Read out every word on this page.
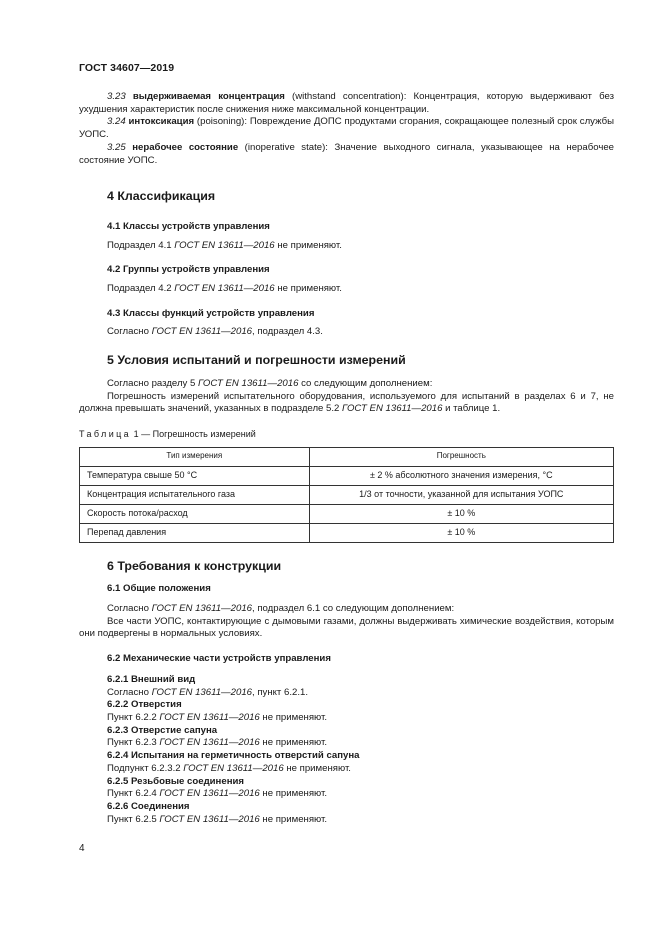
ГОСТ 34607—2019

3.23 выдерживаемая концентрация (withstand concentration): Концентрация, которую выдерживают без ухудшения характеристик после снижения ниже максимальной концентрации.

3.24 интоксикация (poisoning): Повреждение ДОПС продуктами сгорания, сокращающее полезный срок службы УОПС.

3.25 нерабочее состояние (inoperative state): Значение выходного сигнала, указывающее на нерабочее состояние УОПС.

4 Классификация
4.1 Классы устройств управления

Подраздел 4.1 ГОСТ EN 13611—2016 не применяют.

4.2 Группы устройств управления

Подраздел 4.2 ГОСТ EN 13611—2016 не применяют.

4.3 Классы функций устройств управления

Согласно ГОСТ EN 13611—2016, подраздел 4.3.

5 Условия испытаний и погрешности измерений

Согласно разделу 5 ГОСТ EN 13611—2016 со следующим дополнением:

Погрешность измерений испытательного оборудования, используемого для испытаний в разделах 6 и 7, не должна превышать значений, указанных в подразделе 5.2 ГОСТ EN 13611—2016 и таблице 1.

Таблица 1 — Погрешность измерений

Тип измерения	Погрешность
Температура свыше 50 °C	± 2 % абсолютного значения измерения, °C
Концентрация испытательного газа	1/3 от точности, указанной для испытания УОПС
Скорость потока/расход	± 10 %
Перепад давления	± 10 %
6 Требования к конструкции
6.1 Общие положения

Согласно ГОСТ EN 13611—2016, подраздел 6.1 со следующим дополнением:

Все части УОПС, контактирующие с дымовыми газами, должны выдерживать химические воздействия, которым они подвергены в нормальных условиях.

6.2 Механические части устройств управления
6.2.1 Внешний вид

Согласно ГОСТ EN 13611—2016, пункт 6.2.1.

6.2.2 Отверстия

Пункт 6.2.2 ГОСТ EN 13611—2016 не применяют.

6.2.3 Отверстие сапуна

Пункт 6.2.3 ГОСТ EN 13611—2016 не применяют.

6.2.4 Испытания на герметичность отверстий сапуна

Подпункт 6.2.3.2 ГОСТ EN 13611—2016 не применяют.

6.2.5 Резьбовые соединения

Пункт 6.2.4 ГОСТ EN 13611—2016 не применяют.

6.2.6 Соединения

Пункт 6.2.5 ГОСТ EN 13611—2016 не применяют.

4
